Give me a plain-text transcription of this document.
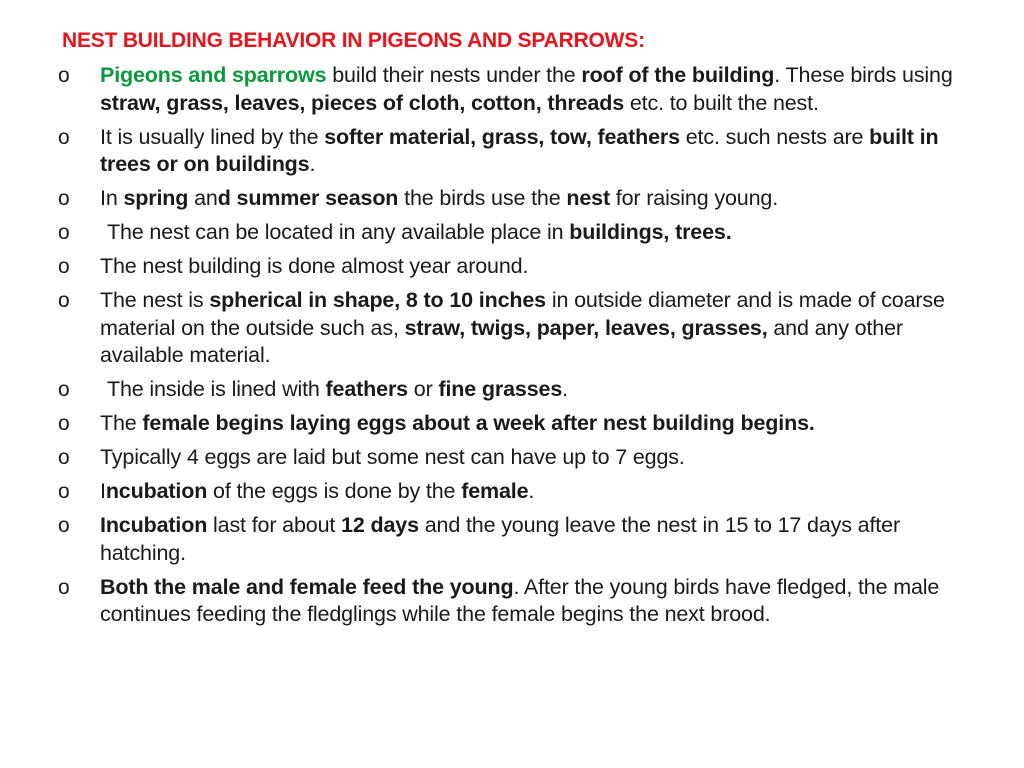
NEST BUILDING BEHAVIOR IN PIGEONS AND SPARROWS:
o	Pigeons and sparrows build their nests under the roof of the building. These birds using straw, grass, leaves, pieces of cloth, cotton, threads etc. to built the nest.
o	It is usually lined by the softer material, grass, tow, feathers etc. such nests are built in trees or on buildings.
o	In spring and summer season the birds use the nest for raising young.
o	The nest can be located in any available place in buildings, trees.
o	The nest building is done almost year around.
o	The nest is spherical in shape, 8 to 10 inches in outside diameter and is made of coarse material on the outside such as, straw, twigs, paper, leaves, grasses, and any other available material.
o	The inside is lined with feathers or fine grasses.
o	The female begins laying eggs about a week after nest building begins.
o	Typically 4 eggs are laid but some nest can have up to 7 eggs.
o	Incubation of the eggs is done by the female.
o	Incubation last for about 12 days and the young leave the nest in 15 to 17 days after hatching.
o	Both the male and female feed the young. After the young birds have fledged, the male continues feeding the fledglings while the female begins the next brood.
